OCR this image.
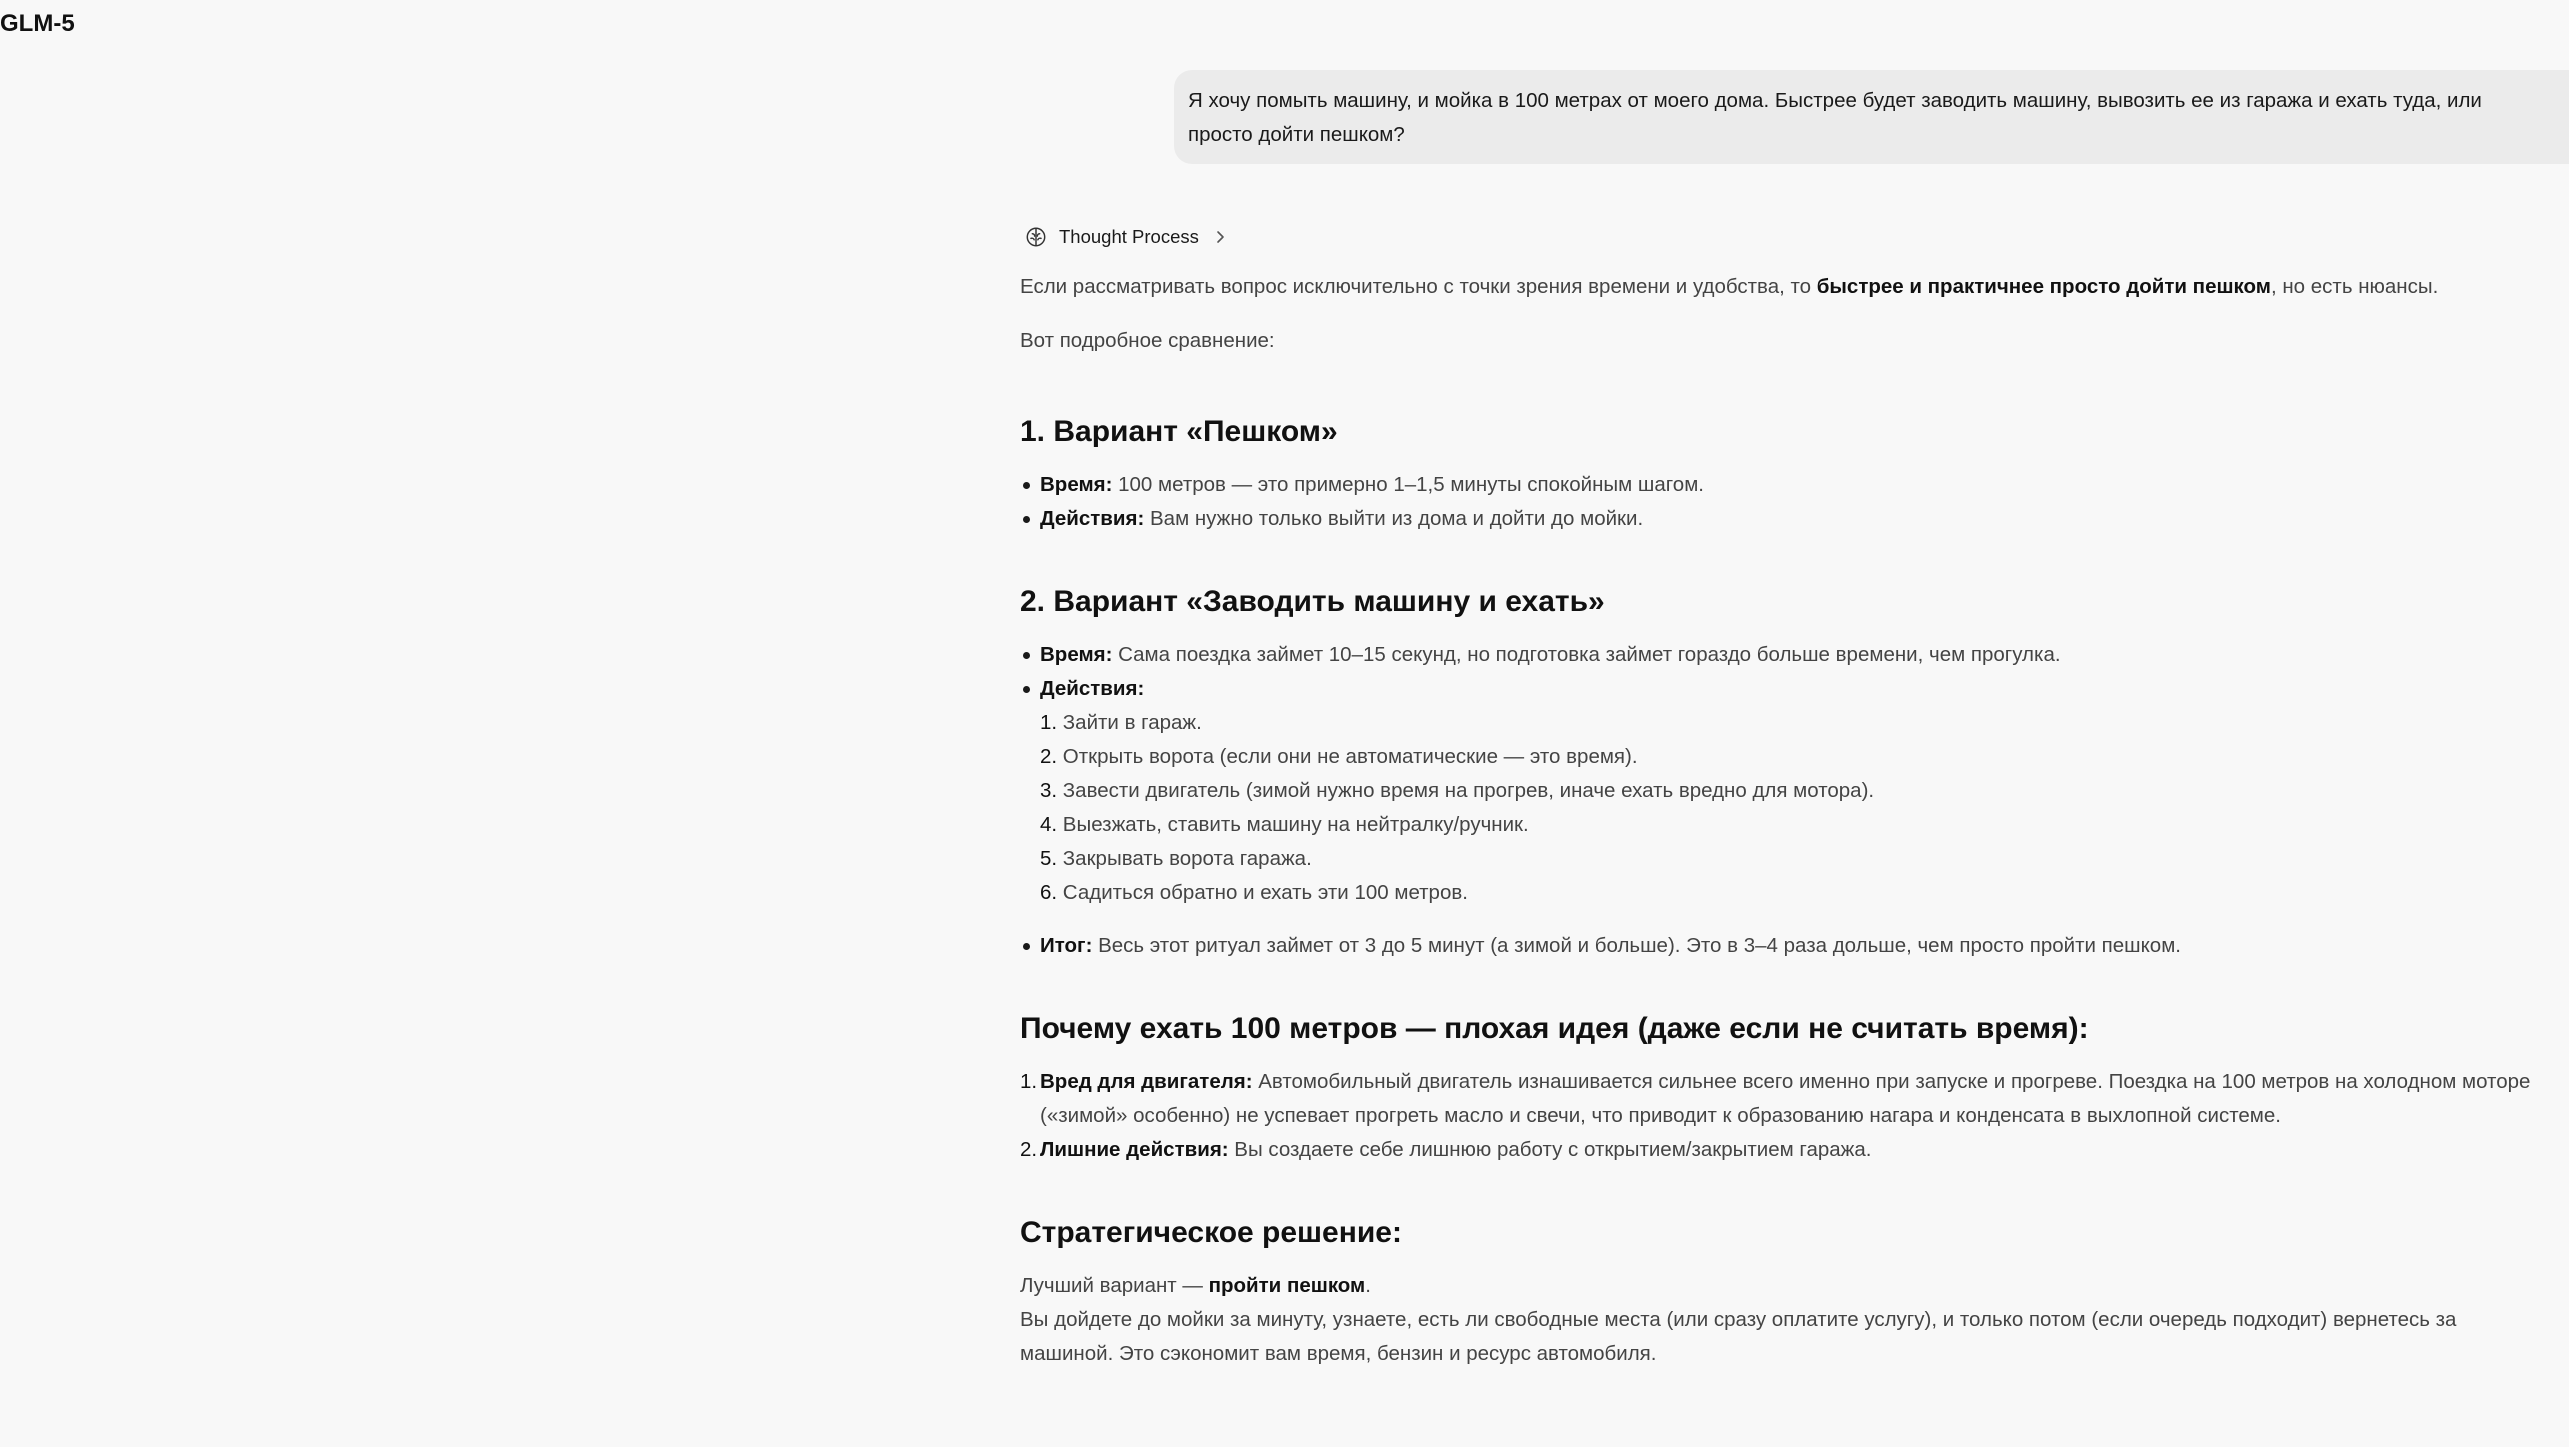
GLM-5
Я хочу помыть машину, и мойка в 100 метрах от моего дома. Быстрее будет заводить машину, вывозить ее из гаража и ехать туда, или просто дойти пешком?
Thought Process

Если рассматривать вопрос исключительно с точки зрения времени и удобства, то быстрее и практичнее просто дойти пешком, но есть нюансы.

Вот подробное сравнение:

1. Вариант «Пешком»
Время: 100 метров — это примерно 1–1,5 минуты спокойным шагом.
Действия: Вам нужно только выйти из дома и дойти до мойки.
2. Вариант «Заводить машину и ехать»
Время: Сама поездка займет 10–15 секунд, но подготовка займет гораздо больше времени, чем прогулка.
Действия:
1. Зайти в гараж.
2. Открыть ворота (если они не автоматические — это время).
3. Завести двигатель (зимой нужно время на прогрев, иначе ехать вредно для мотора).
4. Выезжать, ставить машину на нейтралку/ручник.
5. Закрывать ворота гаража.
6. Садиться обратно и ехать эти 100 метров.
Итог: Весь этот ритуал займет от 3 до 5 минут (а зимой и больше). Это в 3–4 раза дольше, чем просто пройти пешком.
Почему ехать 100 метров — плохая идея (даже если не считать время):
1. Вред для двигателя: Автомобильный двигатель изнашивается сильнее всего именно при запуске и прогреве. Поездка на 100 метров на холодном моторе («зимой» особенно) не успевает прогреть масло и свечи, что приводит к образованию нагара и конденсата в выхлопной системе.
2. Лишние действия: Вы создаете себе лишнюю работу с открытием/закрытием гаража.
Стратегическое решение:

Лучший вариант — пройти пешком.

Вы дойдете до мойки за минуту, узнаете, есть ли свободные места (или сразу оплатите услугу), и только потом (если очередь подходит) вернетесь за машиной. Это сэкономит вам время, бензин и ресурс автомобиля.
